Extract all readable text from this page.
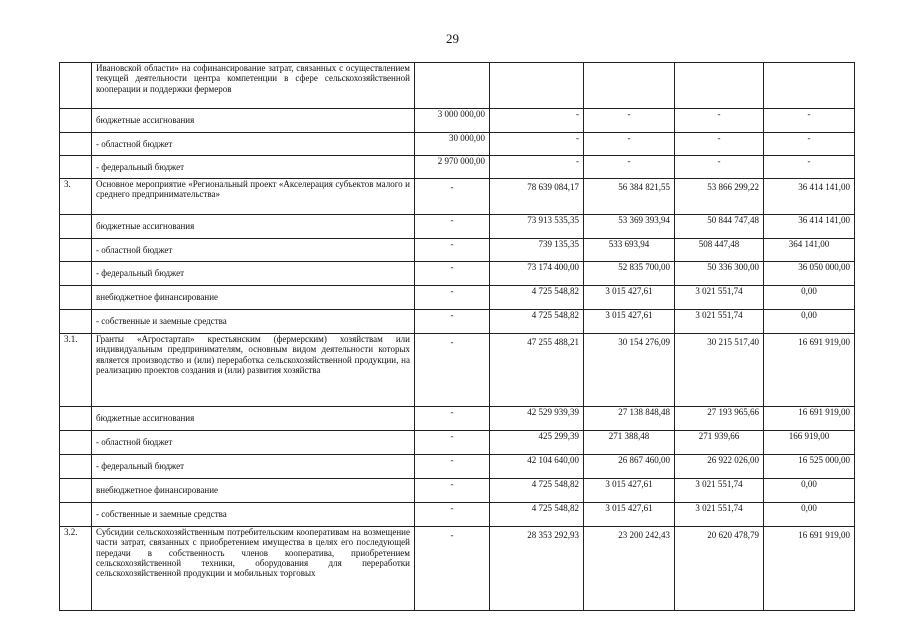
29
	Ивановской области» на софинансирование затрат, связанных с осуществлением текущей деятельности центра компетенции в сфере сельскохозяйственной кооперации и поддержки фермеров					
	бюджетные ассигнования	3 000 000,00	-	-	-	-
	- областной бюджет	30 000,00	-	-	-	-
	- федеральный бюджет	2 970 000,00	-	-	-	-
3.	Основное мероприятие «Региональный проект «Акселерация субъектов малого и среднего предпринимательства»	-	78 639 084,17	56 384 821,55	53 866 299,22	36 414 141,00
	бюджетные ассигнования	-	73 913 535,35	53 369 393,94	50 844 747,48	36 414 141,00
	- областной бюджет	-	739 135,35	533 693,94	508 447,48	364 141,00
	- федеральный бюджет	-	73 174 400,00	52 835 700,00	50 336 300,00	36 050 000,00
	внебюджетное финансирование	-	4 725 548,82	3 015 427,61	3 021 551,74	0,00
	- собственные и заемные средства	-	4 725 548,82	3 015 427,61	3 021 551,74	0,00
3.1.	Гранты «Агростартап» крестьянским (фермерским) хозяйствам или индивидуальным предпринимателям, основным видом деятельности которых является производство и (или) переработка сельскохозяйственной продукции, на реализацию проектов создания и (или) развития хозяйства	-	47 255 488,21	30 154 276,09	30 215 517,40	16 691 919,00
	бюджетные ассигнования	-	42 529 939,39	27 138 848,48	27 193 965,66	16 691 919,00
	- областной бюджет	-	425 299,39	271 388,48	271 939,66	166 919,00
	- федеральный бюджет	-	42 104 640,00	26 867 460,00	26 922 026,00	16 525 000,00
	внебюджетное финансирование	-	4 725 548,82	3 015 427,61	3 021 551,74	0,00
	- собственные и заемные средства	-	4 725 548,82	3 015 427,61	3 021 551,74	0,00
3.2.	Субсидии сельскохозяйственным потребительским кооперативам на возмещение части затрат, связанных с приобретением имущества в целях его последующей передачи в собственность членов кооператива, приобретением сельскохозяйственной техники, оборудования для переработки сельскохозяйственной продукции и мобильных торговых	-	28 353 292,93	23 200 242,43	20 620 478,79	16 691 919,00
